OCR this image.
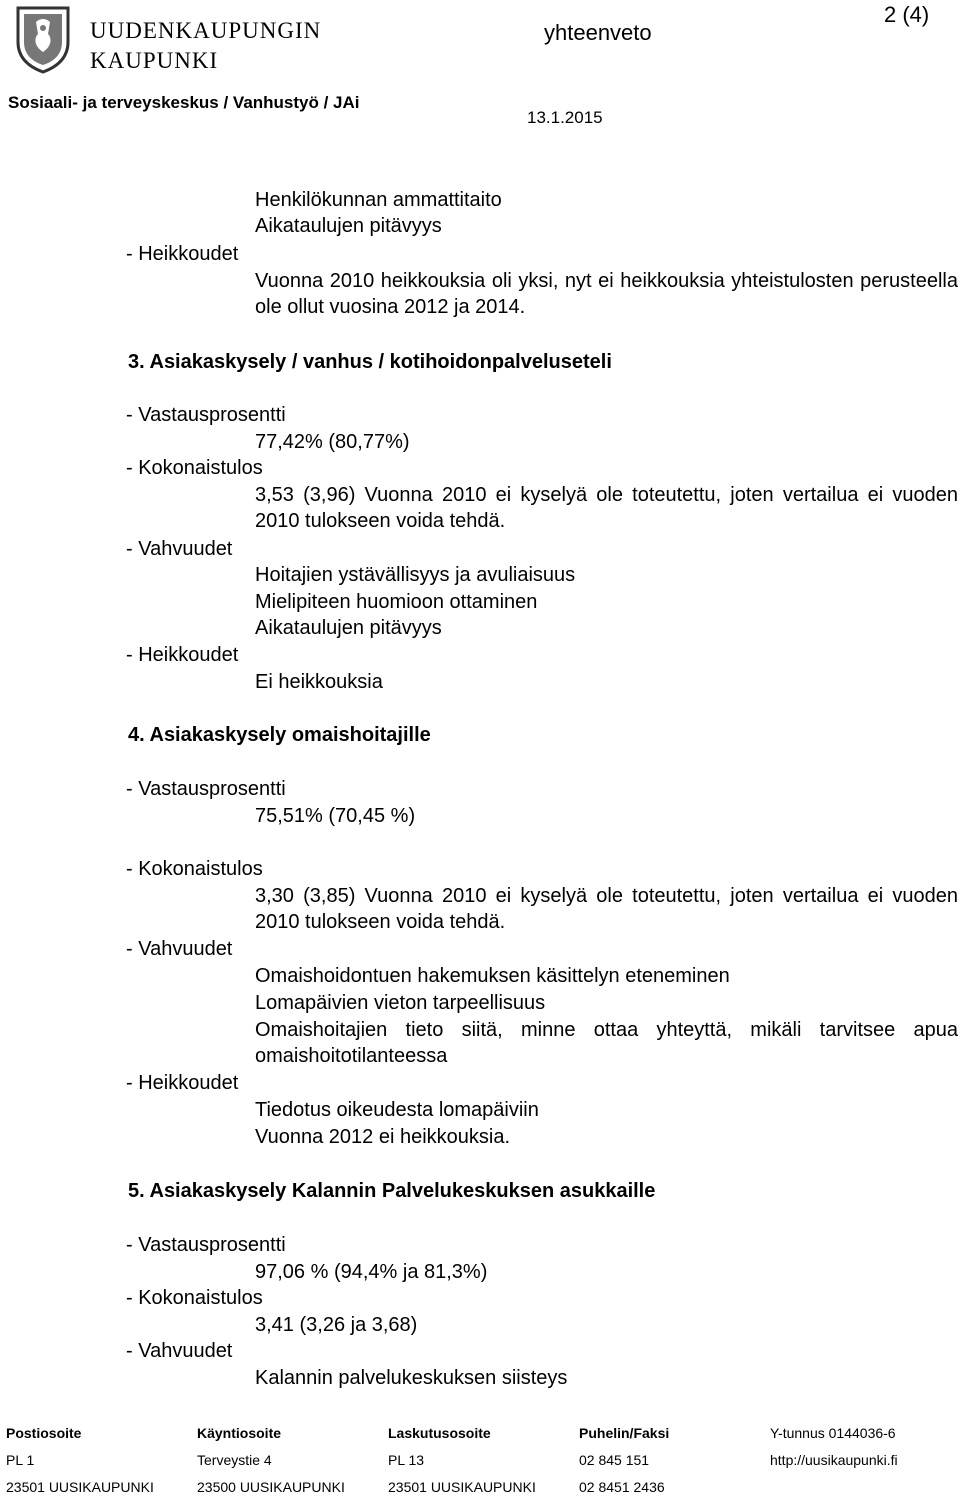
UUDENKAUPUNGIN
KAUPUNKI
Sosiaali- ja terveyskeskus / Vanhustyö / JAi
yhteenveto
13.1.2015
2 (4)
Henkilökunnan ammattitaito
Aikataulujen pitävyys
- Heikkoudet
Vuonna 2010 heikkouksia oli yksi, nyt ei heikkouksia yhteistulosten perusteella ole ollut vuosina 2012 ja 2014.
3. Asiakaskysely / vanhus / kotihoidonpalveluseteli
- Vastausprosentti
77,42% (80,77%)
- Kokonaistulos
3,53 (3,96) Vuonna 2010 ei kyselyä ole toteutettu, joten vertailua ei vuoden 2010 tulokseen voida tehdä.
- Vahvuudet
Hoitajien ystävällisyys ja avuliaisuus
Mielipiteen huomioon ottaminen
Aikataulujen pitävyys
- Heikkoudet
Ei heikkouksia
4. Asiakaskysely omaishoitajille
- Vastausprosentti
75,51% (70,45 %)
- Kokonaistulos
3,30 (3,85) Vuonna 2010 ei kyselyä ole toteutettu, joten vertailua ei vuoden 2010 tulokseen voida tehdä.
- Vahvuudet
Omaishoidontuen hakemuksen käsittelyn eteneminen
Lomapäivien vieton tarpeellisuus
Omaishoitajien tieto siitä, minne ottaa yhteyttä, mikäli tarvitsee apua omaishoitotilanteessa
- Heikkoudet
Tiedotus oikeudesta lomapäiviin
Vuonna 2012 ei heikkouksia.
5. Asiakaskysely Kalannin Palvelukeskuksen asukkaille
- Vastausprosentti
97,06 % (94,4% ja 81,3%)
- Kokonaistulos
3,41 (3,26 ja 3,68)
- Vahvuudet
Kalannin palvelukeskuksen siisteys
Postiosoite
PL 1
23501 UUSIKAUPUNKI
Käyntiosoite
Terveystie 4
23500 UUSIKAUPUNKI
Laskutusosoite
PL 13
23501 UUSIKAUPUNKI
Puhelin/Faksi
02 845 151
02 8451 2436
Y-tunnus 0144036-6
http://uusikaupunki.fi
